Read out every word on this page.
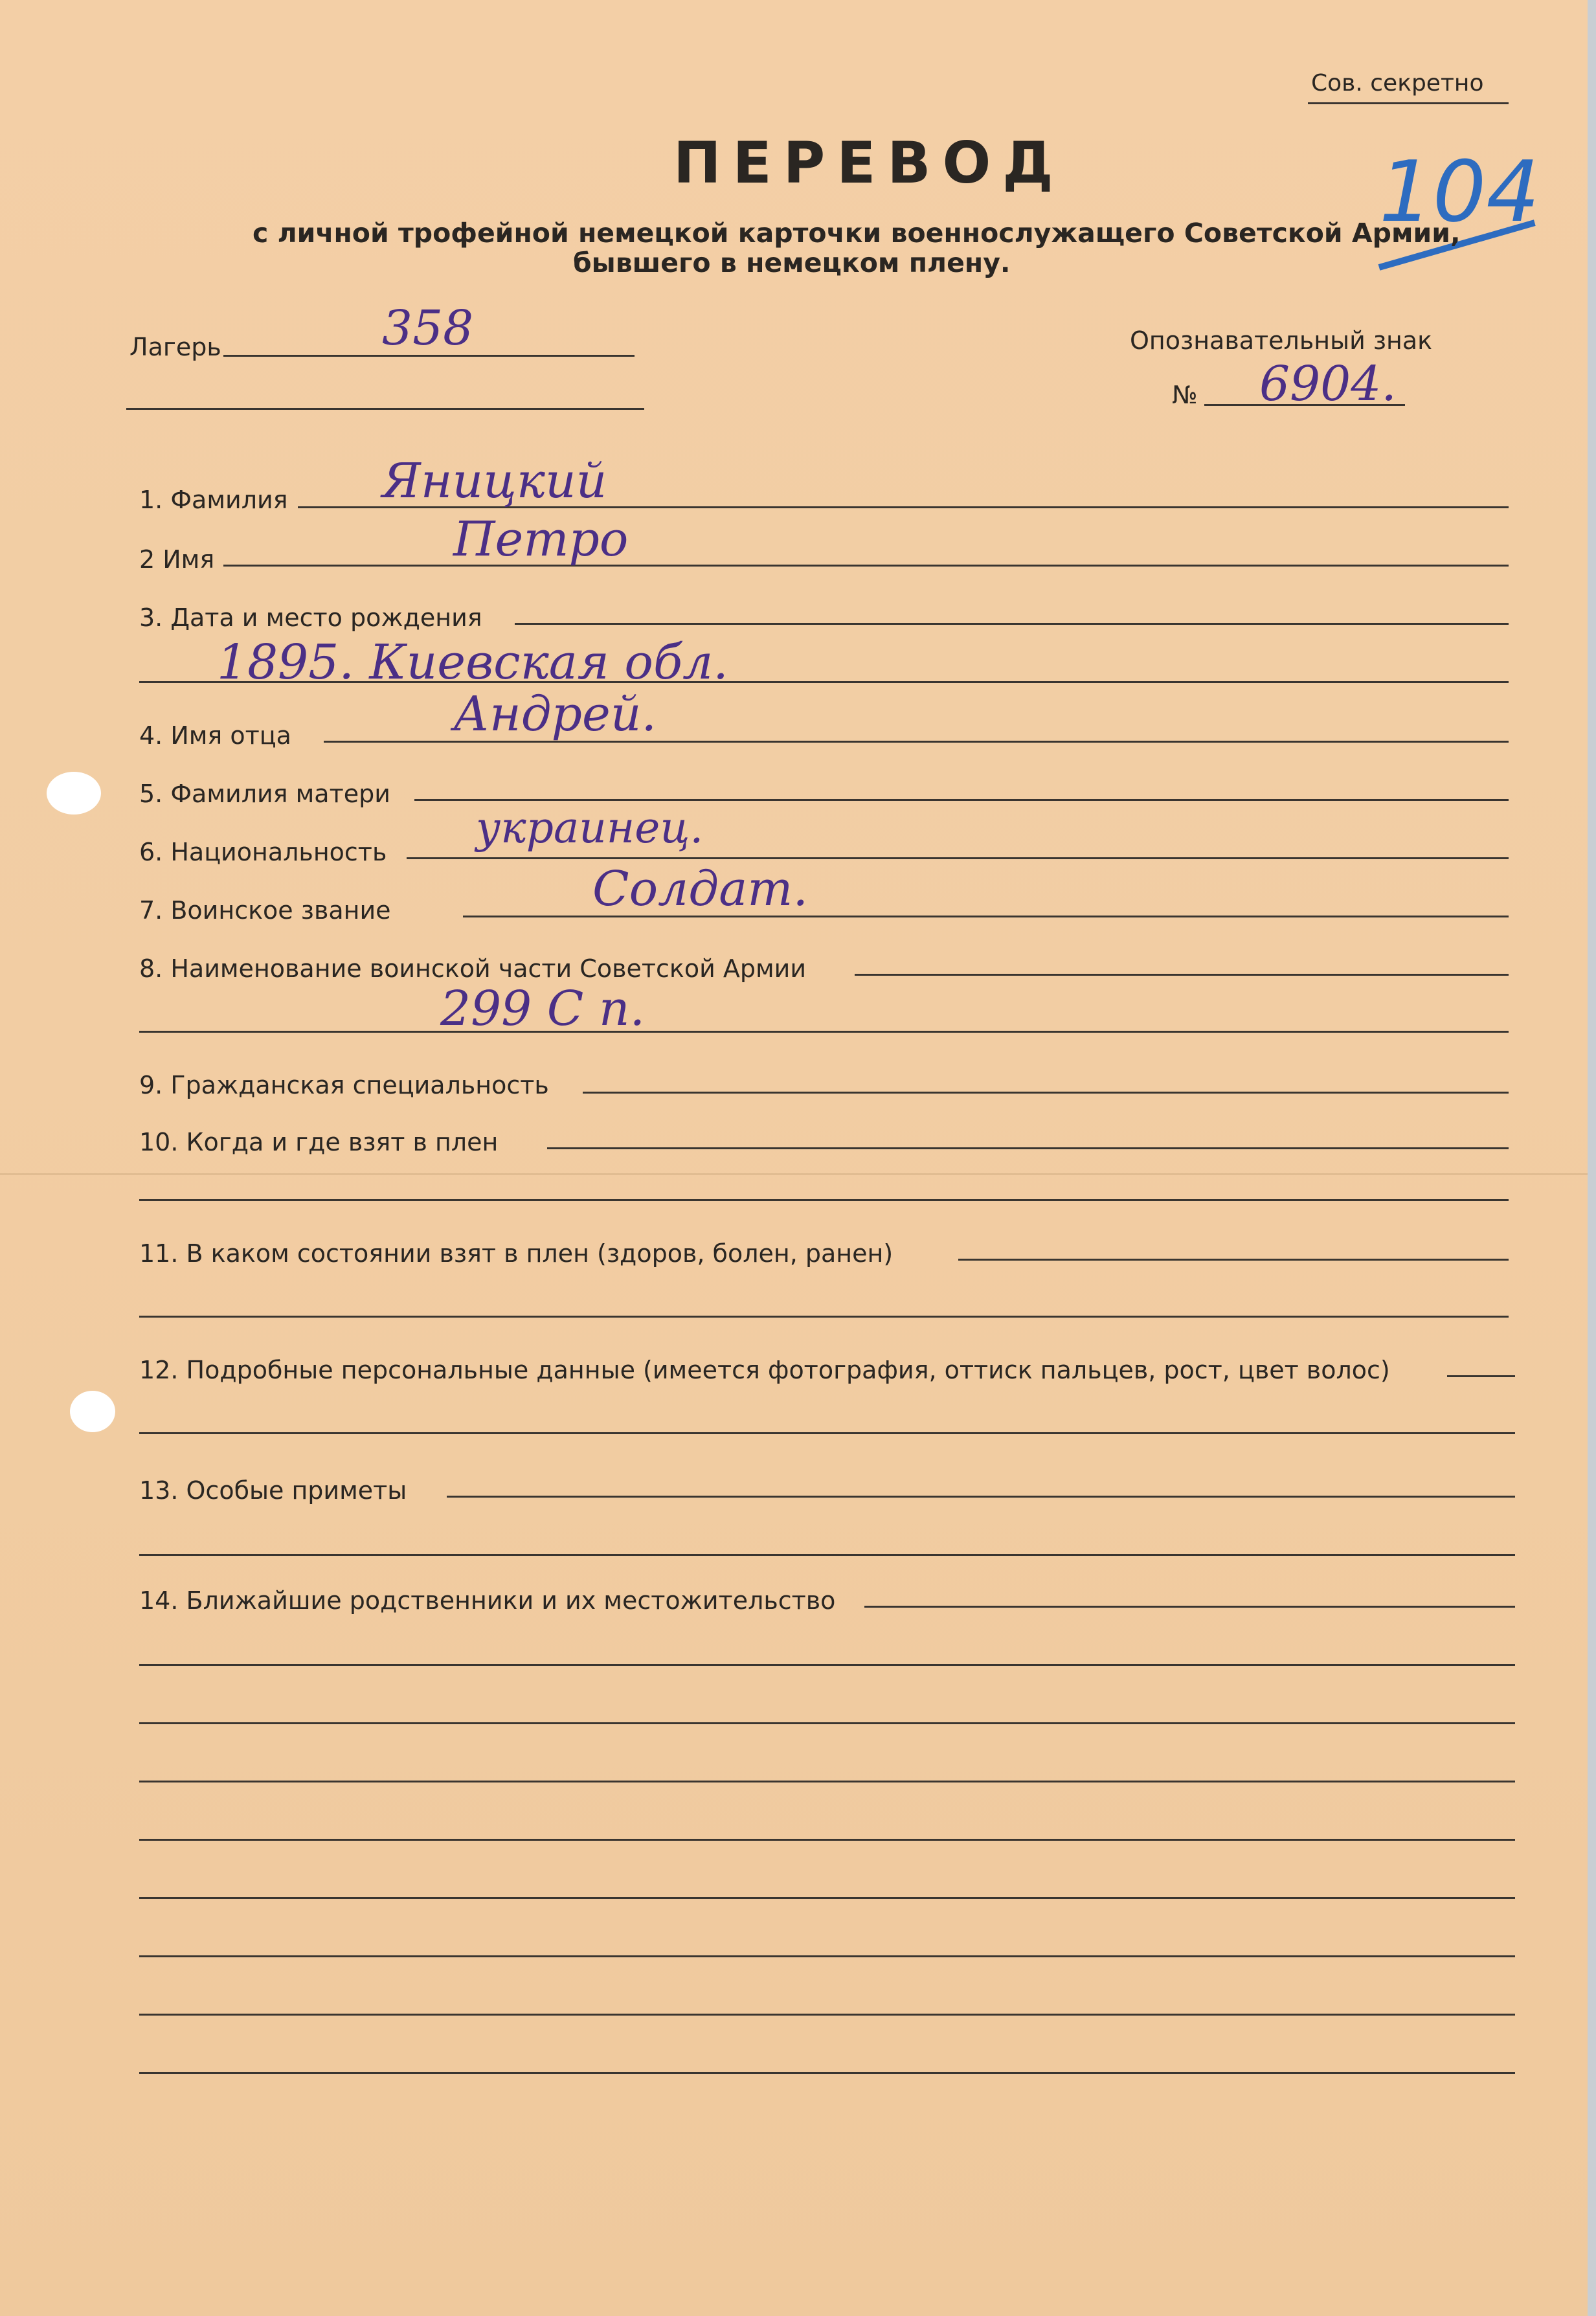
Сов. секретно
104
ПЕРЕВОД
с личной трофейной немецкой карточки военнослужащего Советской Армии,
бывшего в немецком плену.
Лагерь	358	Опознавательный знак
№ 6904.
1. Фамилия Яницкий
2 Имя	Петро
3. Дата и место рождения
1895. Киевская обл.
4. Имя отца	Андрей.
5. Фамилия матери
6. Национальность украинец.
7. Воинское звание	Солдат.
8. Наименование воинской части Советской Армии
299 С п.
9. Гражданская специальность
10. Когда и где взят в плен
11. В каком состоянии взят в плен (здоров, болен, ранен)
12. Подробные персональные данные (имеется фотография, оттиск пальцев, рост, цвет волос)
13. Особые приметы
14. Ближайшие родственники и их местожительство
